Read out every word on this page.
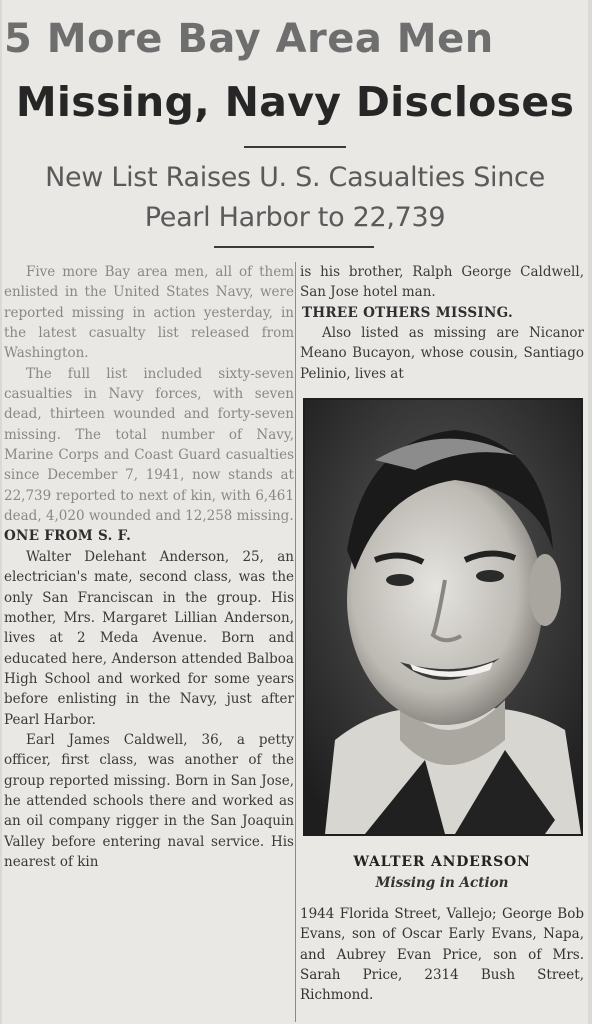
5 More Bay Area Men
Missing, Navy Discloses
New List Raises U. S. Casualties Since
Pearl Harbor to 22,739

Five more Bay area men, all of them enlisted in the United States Navy, were reported missing in action yesterday, in the latest casualty list released from Washington.

The full list included sixty-seven casualties in Navy forces, with seven dead, thirteen wounded and forty-seven missing. The total number of Navy, Marine Corps and Coast Guard casualties since December 7, 1941, now stands at 22,739 reported to next of kin, with 6,461 dead, 4,020 wounded and 12,258 missing.

ONE FROM S. F.

Walter Delehant Anderson, 25, an electrician's mate, second class, was the only San Franciscan in the group. His mother, Mrs. Margaret Lillian Anderson, lives at 2 Meda Avenue. Born and educated here, Anderson attended Balboa High School and worked for some years before enlisting in the Navy, just after Pearl Harbor.

Earl James Caldwell, 36, a petty officer, first class, was another of the group reported missing. Born in San Jose, he attended schools there and worked as an oil company rigger in the San Joaquin Valley before entering naval service. His nearest of kin

is his brother, Ralph George Caldwell, San Jose hotel man.

THREE OTHERS MISSING.

Also listed as missing are Nicanor Meano Bucayon, whose cousin, Santiago Pelinio, lives at

WALTER ANDERSON
Missing in Action

1944 Florida Street, Vallejo; George Bob Evans, son of Oscar Early Evans, Napa, and Aubrey Evan Price, son of Mrs. Sarah Price, 2314 Bush Street, Richmond.
